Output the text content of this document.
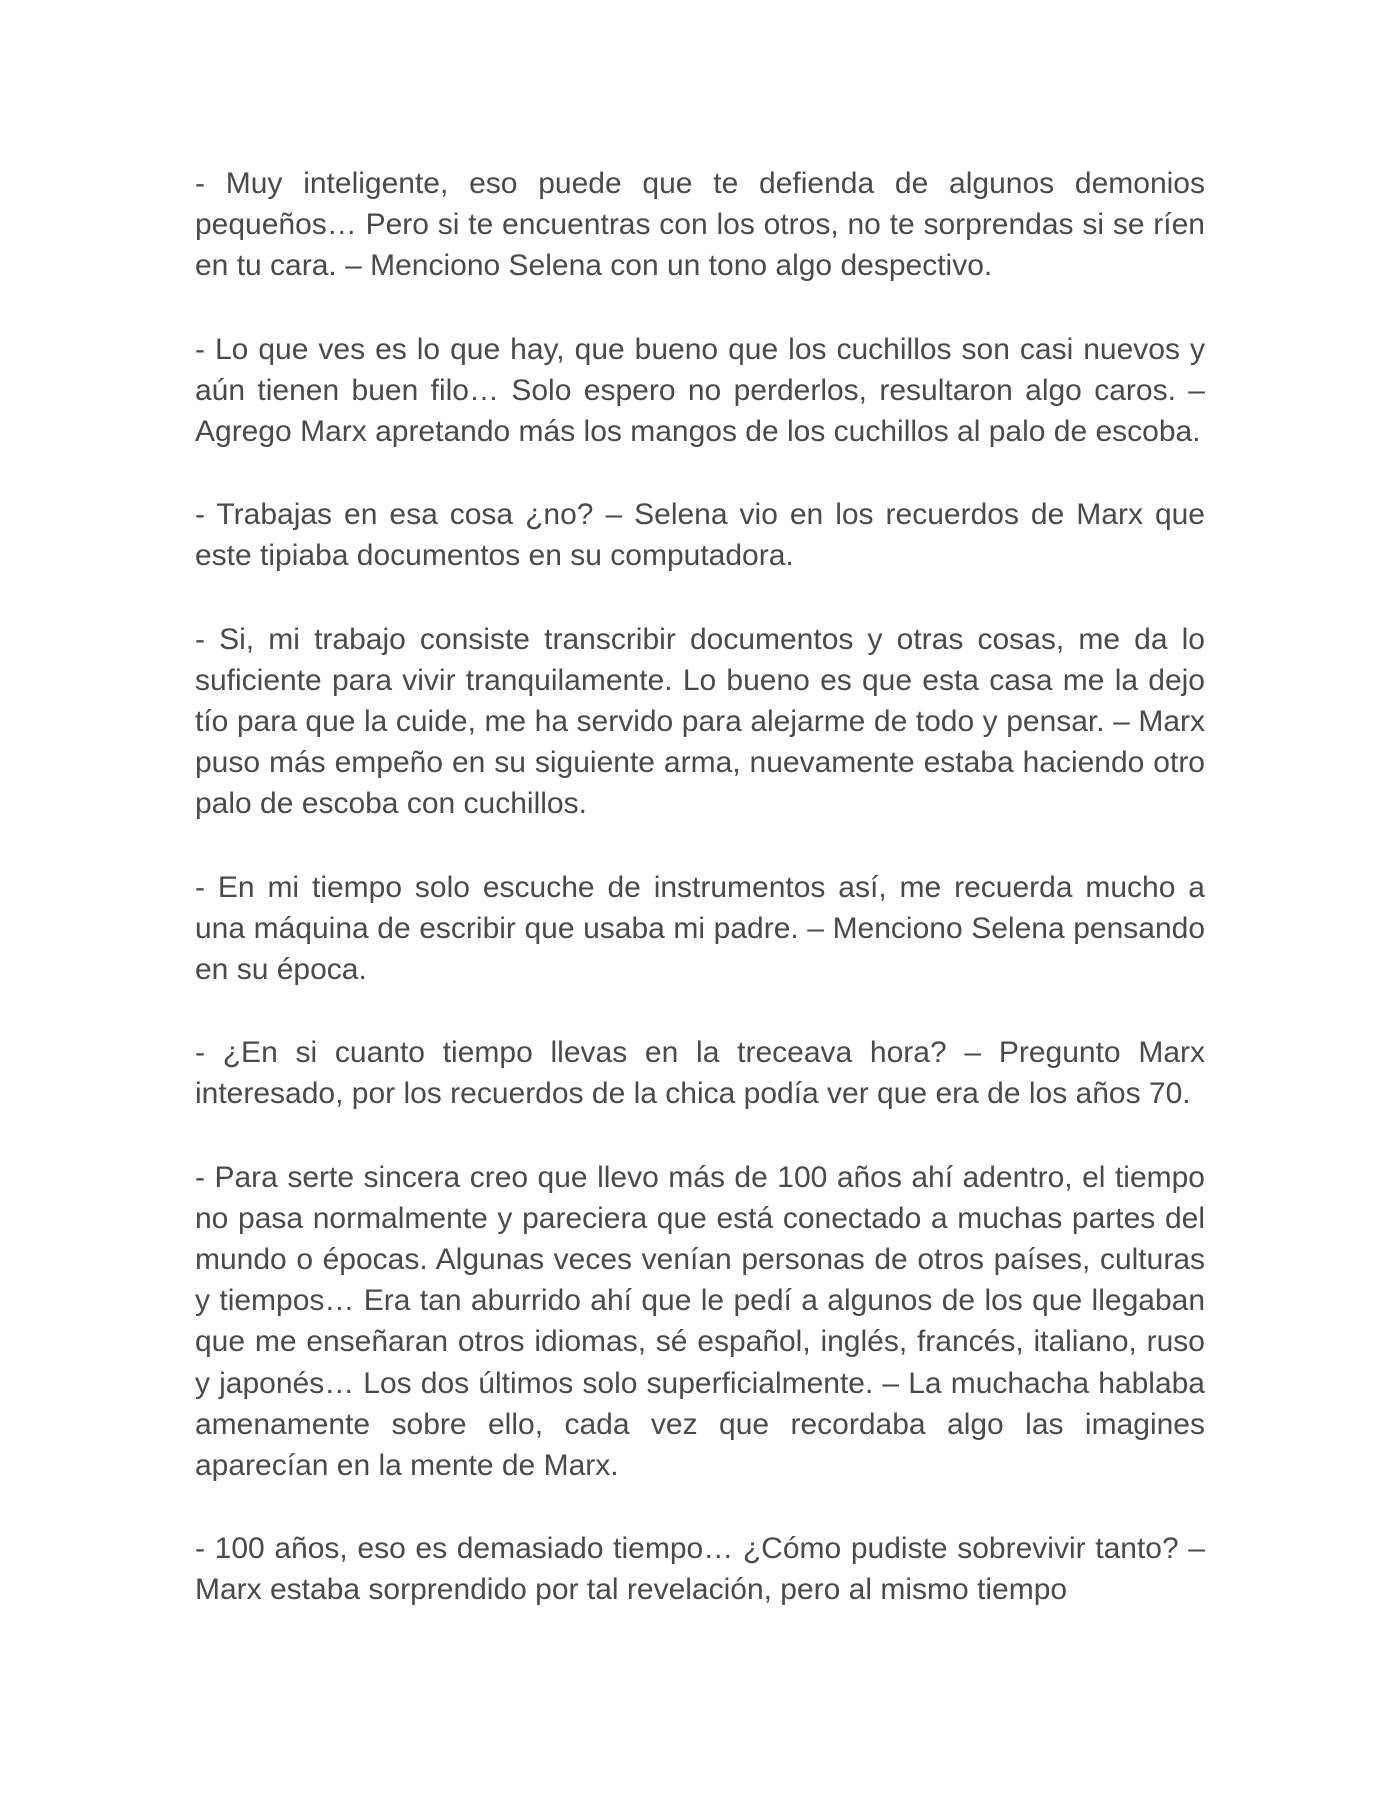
- Muy inteligente, eso puede que te defienda de algunos demonios pequeños… Pero si te encuentras con los otros, no te sorprendas si se ríen en tu cara. – Menciono Selena con un tono algo despectivo.

- Lo que ves es lo que hay, que bueno que los cuchillos son casi nuevos y aún tienen buen filo… Solo espero no perderlos, resultaron algo caros. – Agrego Marx apretando más los mangos de los cuchillos al palo de escoba.

- Trabajas en esa cosa ¿no? – Selena vio en los recuerdos de Marx que este tipiaba documentos en su computadora.

- Si, mi trabajo consiste transcribir documentos y otras cosas, me da lo suficiente para vivir tranquilamente. Lo bueno es que esta casa me la dejo tío para que la cuide, me ha servido para alejarme de todo y pensar. – Marx puso más empeño en su siguiente arma, nuevamente estaba haciendo otro palo de escoba con cuchillos.

- En mi tiempo solo escuche de instrumentos así, me recuerda mucho a una máquina de escribir que usaba mi padre. – Menciono Selena pensando en su época.

- ¿En si cuanto tiempo llevas en la treceava hora? – Pregunto Marx interesado, por los recuerdos de la chica podía ver que era de los años 70.

- Para serte sincera creo que llevo más de 100 años ahí adentro, el tiempo no pasa normalmente y pareciera que está conectado a muchas partes del mundo o épocas. Algunas veces venían personas de otros países, culturas y tiempos… Era tan aburrido ahí que le pedí a algunos de los que llegaban que me enseñaran otros idiomas, sé español, inglés, francés, italiano, ruso y japonés… Los dos últimos solo superficialmente. – La muchacha hablaba amenamente sobre ello, cada vez que recordaba algo las imagines aparecían en la mente de Marx.

- 100 años, eso es demasiado tiempo… ¿Cómo pudiste sobrevivir tanto? – Marx estaba sorprendido por tal revelación, pero al mismo tiempo
